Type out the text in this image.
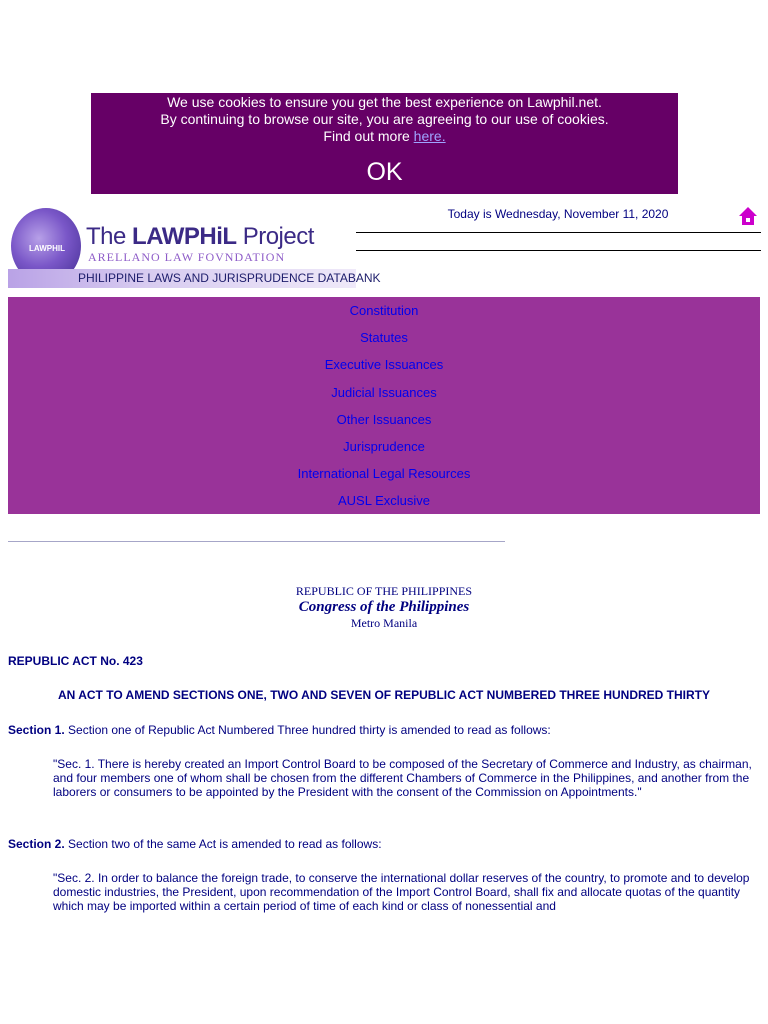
We use cookies to ensure you get the best experience on Lawphil.net.
By continuing to browse our site, you are agreeing to our use of cookies.
Find out more here.
OK
LAWPHIL The LAWPHiL Project
ARELLANO LAW FOVNDATION
PHILIPPINE LAWS AND JURISPRUDENCE DATABANK
Today is Wednesday, November 11, 2020
Constitution
Statutes
Executive Issuances
Judicial Issuances
Other Issuances
Jurisprudence
International Legal Resources
AUSL Exclusive
REPUBLIC OF THE PHILIPPINES
Congress of the Philippines
Metro Manila
REPUBLIC ACT No. 423
AN ACT TO AMEND SECTIONS ONE, TWO AND SEVEN OF REPUBLIC ACT NUMBERED THREE HUNDRED THIRTY
Section 1. Section one of Republic Act Numbered Three hundred thirty is amended to read as follows:
"Sec. 1. There is hereby created an Import Control Board to be composed of the Secretary of Commerce and Industry, as chairman, and four members one of whom shall be chosen from the different Chambers of Commerce in the Philippines, and another from the laborers or consumers to be appointed by the President with the consent of the Commission on Appointments."
Section 2. Section two of the same Act is amended to read as follows:
"Sec. 2. In order to balance the foreign trade, to conserve the international dollar reserves of the country, to promote and to develop domestic industries, the President, upon recommendation of the Import Control Board, shall fix and allocate quotas of the quantity which may be imported within a certain period of time of each kind or class of nonessential and
